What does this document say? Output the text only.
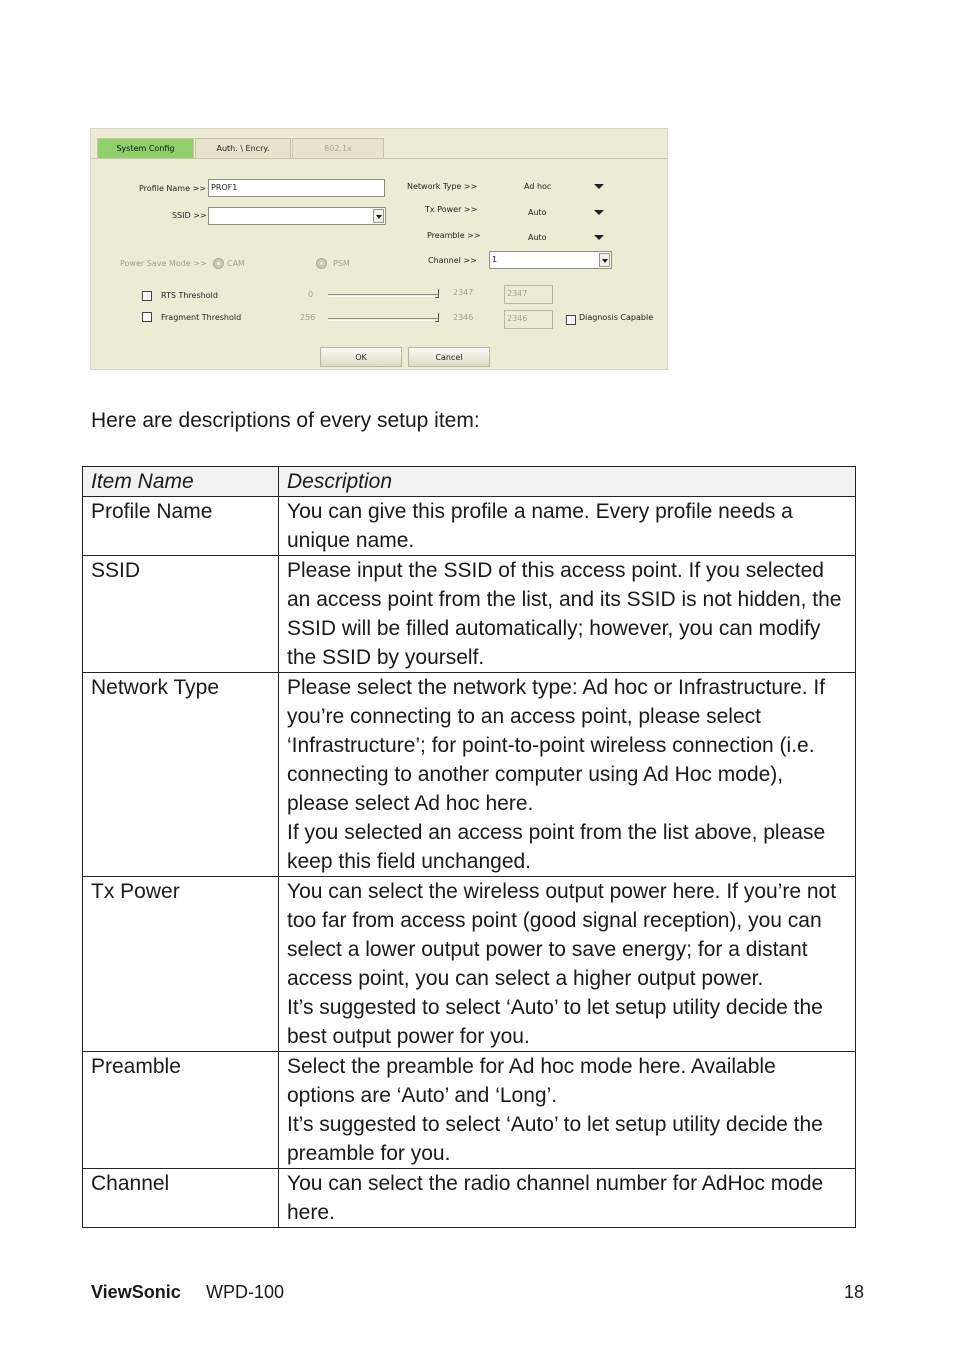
System Config	Auth. \ Encry.	802.1x
Profile Name >> PROF1
SSID >>
Power Save Mode >>	CAM	PSM
RTS Threshold	0	2347	2347
Fragment Threshold	256	2346	2346	Diagnosis Capable
Network Type >>	Ad hoc
Tx Power >>	Auto
Preamble >>	Auto
Channel >>	1
OK	Cancel
Here are descriptions of every setup item:
Item Name	Description
Profile Name	You can give this profile a name. Every profile needs a unique name.

SSID	Please input the SSID of this access point. If you selected an access point from the list, and its SSID is not hidden, the SSID will be filled automatically; however, you can modify the SSID by yourself.

Network Type	Please select the network type: Ad hoc or Infrastructure. If you’re connecting to an access point, please select ‘Infrastructure’; for point-to-point wireless connection (i.e. connecting to another computer using Ad Hoc mode), please select Ad hoc here.
If you selected an access point from the list above, please keep this field unchanged.

Tx Power	You can select the wireless output power here. If you’re not too far from access point (good signal reception), you can select a lower output power to save energy; for a distant access point, you can select a higher output power.
It’s suggested to select ‘Auto’ to let setup utility decide the best output power for you.

Preamble	Select the preamble for Ad hoc mode here. Available options are ‘Auto’ and ‘Long’.
It’s suggested to select ‘Auto’ to let setup utility decide the preamble for you.

Channel	You can select the radio channel number for AdHoc mode here.
ViewSonic WPD-100	18
